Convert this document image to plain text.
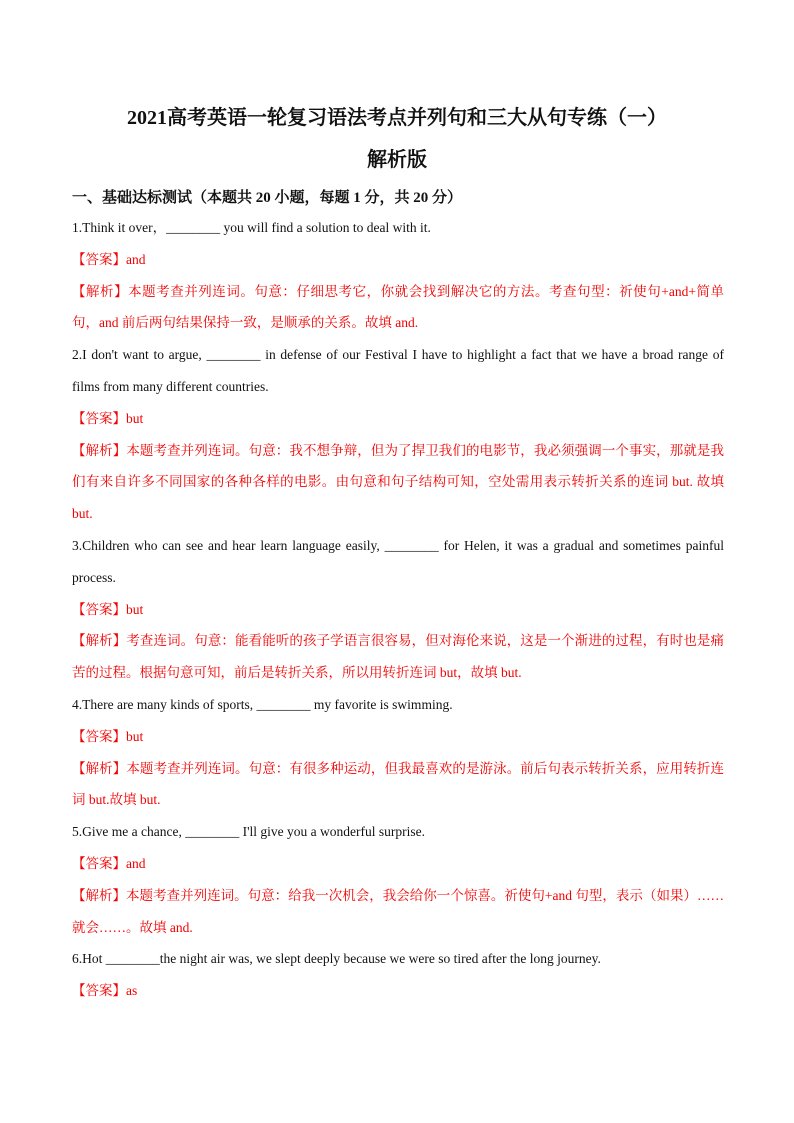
2021高考英语一轮复习语法考点并列句和三大从句专练（一）
解析版
一、基础达标测试（本题共 20 小题，每题 1 分，共 20 分）

1.Think it over，________ you will find a solution to deal with it.

【答案】and

【解析】本题考查并列连词。句意：仔细思考它，你就会找到解决它的方法。考查句型：祈使句+and+简单句，and 前后两句结果保持一致，是顺承的关系。故填 and.

2.I don't want to argue, ________ in defense of our Festival I have to highlight a fact that we have a broad range of films from many different countries.

【答案】but

【解析】本题考查并列连词。句意：我不想争辩，但为了捍卫我们的电影节，我必须强调一个事实，那就是我们有来自许多不同国家的各种各样的电影。由句意和句子结构可知，空处需用表示转折关系的连词 but. 故填 but.

3.Children who can see and hear learn language easily, ________ for Helen, it was a gradual and sometimes painful process.

【答案】but

【解析】考查连词。句意：能看能听的孩子学语言很容易，但对海伦来说，这是一个渐进的过程，有时也是痛苦的过程。根据句意可知，前后是转折关系，所以用转折连词 but，故填 but.

4.There are many kinds of sports, ________ my favorite is swimming.

【答案】but

【解析】本题考查并列连词。句意：有很多种运动，但我最喜欢的是游泳。前后句表示转折关系，应用转折连词 but.故填 but.

5.Give me a chance, ________ I'll give you a wonderful surprise.

【答案】and

【解析】本题考查并列连词。句意：给我一次机会，我会给你一个惊喜。祈使句+and 句型，表示（如果）……就会……。故填 and.

6.Hot ________the night air was, we slept deeply because we were so tired after the long journey.

【答案】as
